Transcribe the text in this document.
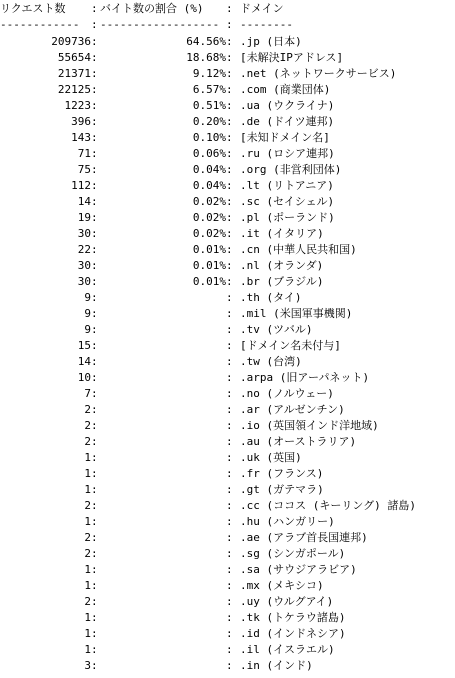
リクエスト数 : バイト数の割合 (%) : ドメイン

------------ : ------------------ : --------

209736 :	64.56% : .jp (日本)
55654 :	18.68% : [未解決IPアドレス]
21371 :	9.12% : .net (ネットワークサービス)
22125 :	6.57% : .com (商業団体)
1223 :	0.51% : .ua (ウクライナ)
396 :	0.20% : .de (ドイツ連邦)
143 :	0.10% : [未知ドメイン名]
71 :	0.06% : .ru (ロシア連邦)
75 :	0.04% : .org (非営利団体)
112 :	0.04% : .lt (リトアニア)
14 :	0.02% : .sc (セイシェル)
19 :	0.02% : .pl (ポーランド)
30 :	0.02% : .it (イタリア)
22 :	0.01% : .cn (中華人民共和国)
30 :	0.01% : .nl (オランダ)
30 :	0.01% : .br (ブラジル)
9 :	: .th (タイ)
9 :	: .mil (米国軍事機関)
9 :	: .tv (ツバル)
15 :	: [ドメイン名未付与]
14 :	: .tw (台湾)
10 :	: .arpa (旧アーパネット)
7 :	: .no (ノルウェー)
2 :	: .ar (アルゼンチン)
2 :	: .io (英国領インド洋地域)
2 :	: .au (オーストラリア)
1 :	: .uk (英国)
1 :	: .fr (フランス)
1 :	: .gt (ガテマラ)
2 :	: .cc (ココス (キーリング) 諸島)
1 :	: .hu (ハンガリー)
2 :	: .ae (アラブ首長国連邦)
2 :	: .sg (シンガポール)
1 :	: .sa (サウジアラビア)
1 :	: .mx (メキシコ)
2 :	: .uy (ウルグアイ)
1 :	: .tk (トケラウ諸島)
1 :	: .id (インドネシア)
1 :	: .il (イスラエル)
3 :	: .in (インド)
